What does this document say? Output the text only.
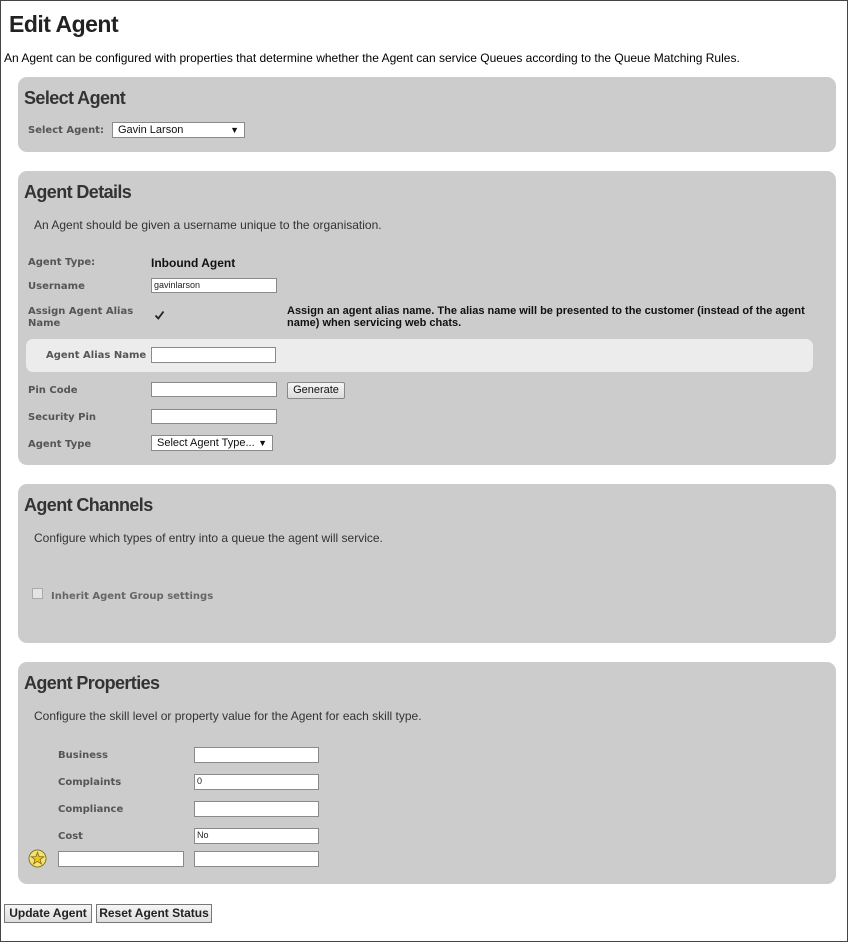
Edit Agent
An Agent can be configured with properties that determine whether the Agent can service Queues according to the Queue Matching Rules.
Select Agent
Select Agent:	Gavin Larson	▼
Agent Details
An Agent should be given a username unique to the organisation.
Agent Type:	Inbound Agent
Username	gavinlarson
Assign Agent Alias Name
Assign an agent alias name. The alias name will be presented to the customer (instead of the agent name) when servicing web chats.
Pin Code	Generate
Security Pin
Agent Type	Select Agent Type... ▼
Agent Alias Name
Agent Channels
Configure which types of entry into a queue the agent will service.
Inherit Agent Group settings
Agent Properties
Configure the skill level or property value for the Agent for each skill type.
Business
Complaints	0
Compliance
Cost	No
Update Agent	Reset Agent Status
